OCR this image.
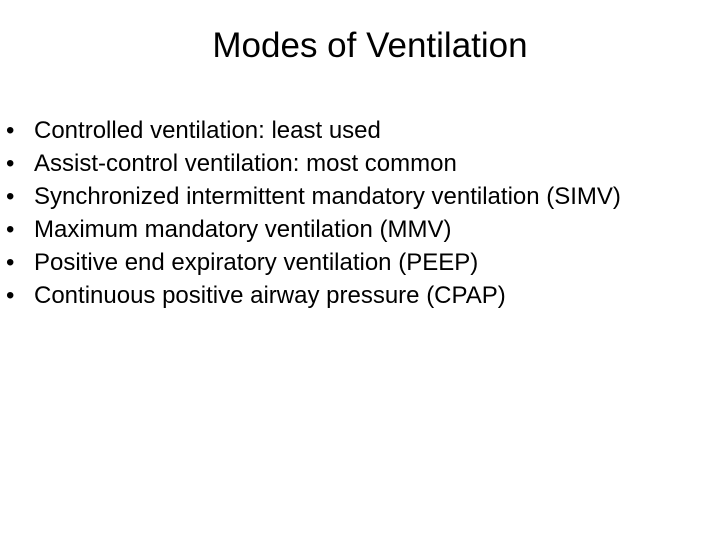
Modes of Ventilation
• Controlled ventilation: least used
• Assist-control ventilation: most common
• Synchronized intermittent mandatory ventilation (SIMV)
• Maximum mandatory ventilation (MMV)
• Positive end expiratory ventilation (PEEP)
• Continuous positive airway pressure (CPAP)
